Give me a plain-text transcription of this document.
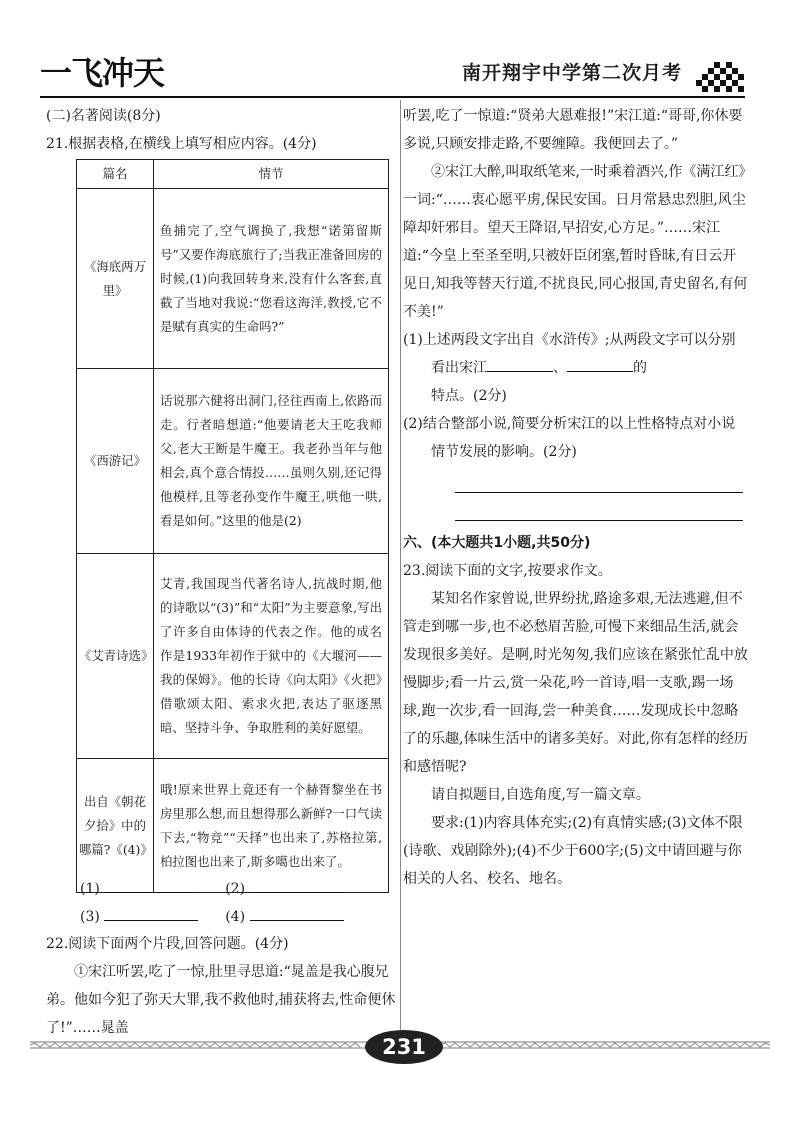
一飞冲天	南开翔宇中学第二次月考

(二)名著阅读(8分)

21.根据表格,在横线上填写相应内容。(4分)

篇名	情节
《海底两万里》	鱼捕完了,空气调换了,我想“诺第留斯号”又要作海底旅行了;当我正准备回房的时候,(1)向我回转身来,没有什么客套,直截了当地对我说:“您看这海洋,教授,它不是赋有真实的生命吗?”
《西游记》	话说那六健将出洞门,径往西南上,依路而走。行者暗想道:“他要请老大王吃我师父,老大王断是牛魔王。我老孙当年与他相会,真个意合情投……虽则久别,还记得他模样,且等老孙变作牛魔王,哄他一哄,看是如何。”这里的他是(2)
《艾青诗选》	艾青,我国现当代著名诗人,抗战时期,他的诗歌以“(3)”和“太阳”为主要意象,写出了许多自由体诗的代表之作。他的成名作是1933年初作于狱中的《大堰河——我的保姆》。他的长诗《向太阳》《火把》借歌颂太阳、索求火把,表达了驱逐黑暗、坚持斗争、争取胜利的美好愿望。
出自《朝花夕拾》中的哪篇?《(4)》	哦!原来世界上竟还有一个赫胥黎坐在书房里那么想,而且想得那么新鲜?一口气读下去,“物竞”“天择”也出来了,苏格拉第,柏拉图也出来了,斯多噶也出来了。
(1)	(2)
(3)	(4)

22.阅读下面两个片段,回答问题。(4分)

①宋江听罢,吃了一惊,肚里寻思道:“晁盖是我心腹兄弟。他如今犯了弥天大罪,我不救他时,捕获将去,性命便休了!”……晁盖

听罢,吃了一惊道:“贤弟大恩难报!”宋江道:“哥哥,你休要多说,只顾安排走路,不要缠障。我便回去了。”

②宋江大醉,叫取纸笔来,一时乘着酒兴,作《满江红》一词:“……衷心愿平虏,保民安国。日月常悬忠烈胆,风尘障却奸邪目。望天王降诏,早招安,心方足。”……宋江道:“今皇上至圣至明,只被奸臣闭塞,暂时昏昧,有日云开见日,知我等替天行道,不扰良民,同心报国,青史留名,有何不美!”

(1)上述两段文字出自《水浒传》;从两段文字可以分别看出宋江	、	的
特点。(2分)

(2)结合整部小说,简要分析宋江的以上性格特点对小说情节发展的影响。(2分)

六、(本大题共1小题,共50分)

23.阅读下面的文字,按要求作文。

某知名作家曾说,世界纷扰,路途多艰,无法逃避,但不管走到哪一步,也不必愁眉苦脸,可慢下来细品生活,就会发现很多美好。是啊,时光匆匆,我们应该在紧张忙乱中放慢脚步;看一片云,赏一朵花,吟一首诗,唱一支歌,踢一场球,跑一次步,看一回海,尝一种美食……发现成长中忽略了的乐趣,体味生活中的诸多美好。对此,你有怎样的经历和感悟呢?

请自拟题目,自选角度,写一篇文章。

要求:(1)内容具体充实;(2)有真情实感;(3)文体不限(诗歌、戏剧除外);(4)不少于600字;(5)文中请回避与你相关的人名、校名、地名。

231
